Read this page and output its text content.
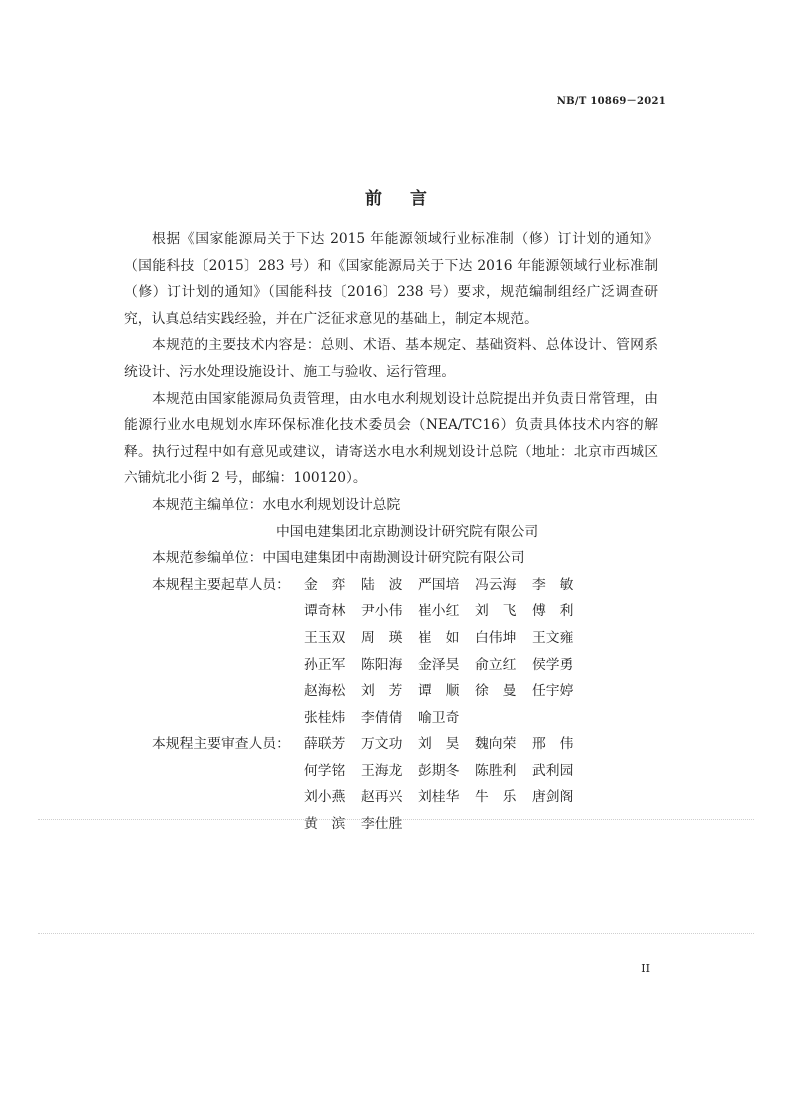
NB/T 10869－2021
前言

根据《国家能源局关于下达 2015 年能源领域行业标准制（修）订计划的通知》（国能科技〔2015〕283 号）和《国家能源局关于下达 2016 年能源领域行业标准制（修）订计划的通知》（国能科技〔2016〕238 号）要求，规范编制组经广泛调查研究，认真总结实践经验，并在广泛征求意见的基础上，制定本规范。

本规范的主要技术内容是：总则、术语、基本规定、基础资料、总体设计、管网系统设计、污水处理设施设计、施工与验收、运行管理。

本规范由国家能源局负责管理，由水电水利规划设计总院提出并负责日常管理，由能源行业水电规划水库环保标准化技术委员会（NEA/TC16）负责具体技术内容的解释。执行过程中如有意见或建议，请寄送水电水利规划设计总院（地址：北京市西城区六铺炕北小街 2 号，邮编：100120）。

本规范主编单位： 水电水利规划设计总院
中国电建集团北京勘测设计研究院有限公司
本规范参编单位： 中国电建集团中南勘测设计研究院有限公司
本规程主要起草人员：	金　弈	陆　波	严国培	冯云海	李　敏
谭奇林	尹小伟	崔小红	刘　飞	傅　利
王玉双	周　瑛	崔　如	白伟坤	王文雍
孙正军	陈阳海	金泽昊	俞立红	侯学勇
赵海松	刘　芳	谭　顺	徐　曼	任宇婷
张桂炜	李倩倩	喻卫奇
本规程主要审查人员：	薛联芳	万文功	刘　昊	魏向荣	邢　伟
何学铭	王海龙	彭期冬	陈胜利	武利园
刘小燕	赵再兴	刘桂华	牛　乐	唐剑阁
黄　滨	李仕胜
II
